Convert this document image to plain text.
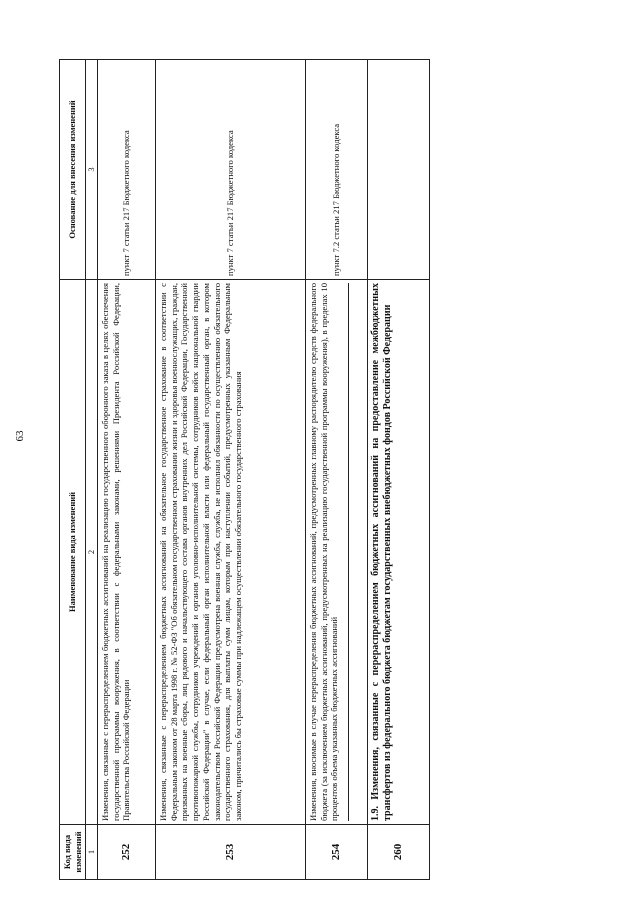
63
Код вида изменений	Наименование вида изменений	Основание для внесения изменений
1	2	3
252	Изменения, связанные с перераспределением бюджетных ассигнований на реализацию государственного оборонного заказа в целях обеспечения государственной программы вооружения, в соответствии с федеральными законами, решениями Президента Российской Федерации, Правительства Российской Федерации	пункт 7 статьи 217 Бюджетного кодекса
253	Изменения, связанные с перераспределением бюджетных ассигнований на обязательное государственное страхование в соответствии с Федеральным законом от 28 марта 1998 г. № 52-ФЗ "Об обязательном государственном страховании жизни и здоровья военнослужащих, граждан, призванных на военные сборы, лиц рядового и начальствующего состава органов внутренних дел Российской Федерации, Государственной противопожарной службы, сотрудников учреждений и органов уголовно-исполнительной системы, сотрудников войск национальной гвардии Российской Федерации" в случае, если федеральный орган исполнительной власти или федеральный государственный орган, в котором законодательством Российской Федерации предусмотрена военная служба, служба, не исполнил обязанности по осуществлению обязательного государственного страхования, для выплаты сумм лицам, которым при наступлении событий, предусмотренных указанным Федеральным законом, причитались бы страховые суммы при надлежащем осуществлении обязательного государственного страхования	пункт 7 статьи 217 Бюджетного кодекса
254	Изменения, вносимые в случае перераспределения бюджетных ассигнований, предусмотренных главному распорядителю средств федерального бюджета (за исключением бюджетных ассигнований, предусмотренных на реализацию государственной программы вооружения), в пределах 10 процентов объема указанных бюджетных ассигнований	пункт 7.2 статьи 217 Бюджетного кодекса

260	1.9. Изменения, связанные с перераспределением бюджетных ассигнований на предоставление межбюджетных трансфертов из федерального бюджета бюджетам государственных внебюджетных фондов Российской Федерации	
